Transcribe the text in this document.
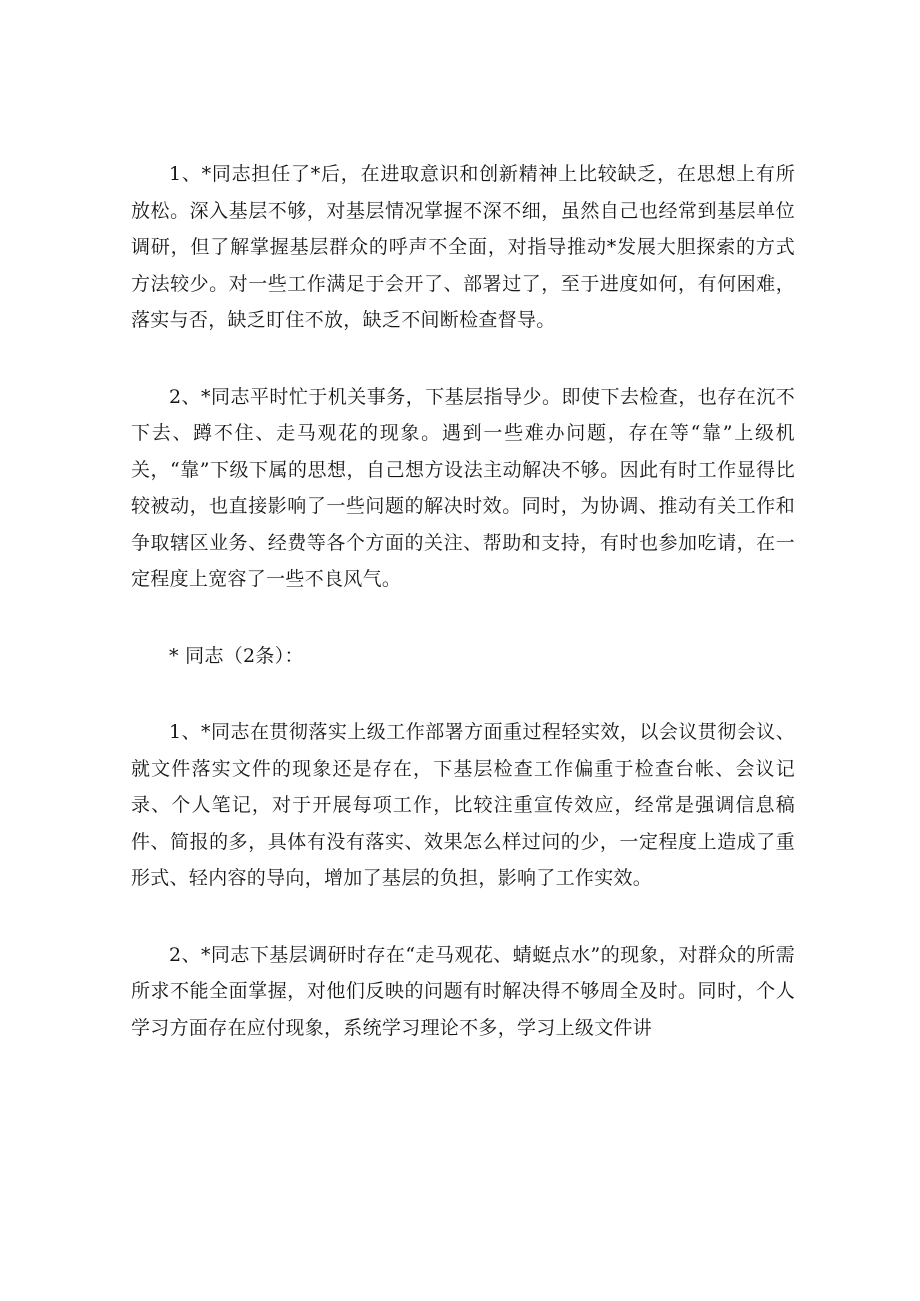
1、*同志担任了*后，在进取意识和创新精神上比较缺乏，在思想上有所放松。深入基层不够，对基层情况掌握不深不细，虽然自己也经常到基层单位调研，但了解掌握基层群众的呼声不全面，对指导推动*发展大胆探索的方式方法较少。对一些工作满足于会开了、部署过了，至于进度如何，有何困难，落实与否，缺乏盯住不放，缺乏不间断检查督导。

2、*同志平时忙于机关事务，下基层指导少。即使下去检查，也存在沉不下去、蹲不住、走马观花的现象。遇到一些难办问题，存在等“靠”上级机关，“靠”下级下属的思想，自己想方设法主动解决不够。因此有时工作显得比较被动，也直接影响了一些问题的解决时效。同时，为协调、推动有关工作和争取辖区业务、经费等各个方面的关注、帮助和支持，有时也参加吃请，在一定程度上宽容了一些不良风气。

* 同志（2条）：

1、*同志在贯彻落实上级工作部署方面重过程轻实效，以会议贯彻会议、就文件落实文件的现象还是存在，下基层检查工作偏重于检查台帐、会议记录、个人笔记，对于开展每项工作，比较注重宣传效应，经常是强调信息稿件、简报的多，具体有没有落实、效果怎么样过问的少，一定程度上造成了重形式、轻内容的导向，增加了基层的负担，影响了工作实效。

2、*同志下基层调研时存在“走马观花、蜻蜓点水”的现象，对群众的所需所求不能全面掌握，对他们反映的问题有时解决得不够周全及时。同时，个人学习方面存在应付现象，系统学习理论不多，学习上级文件讲
